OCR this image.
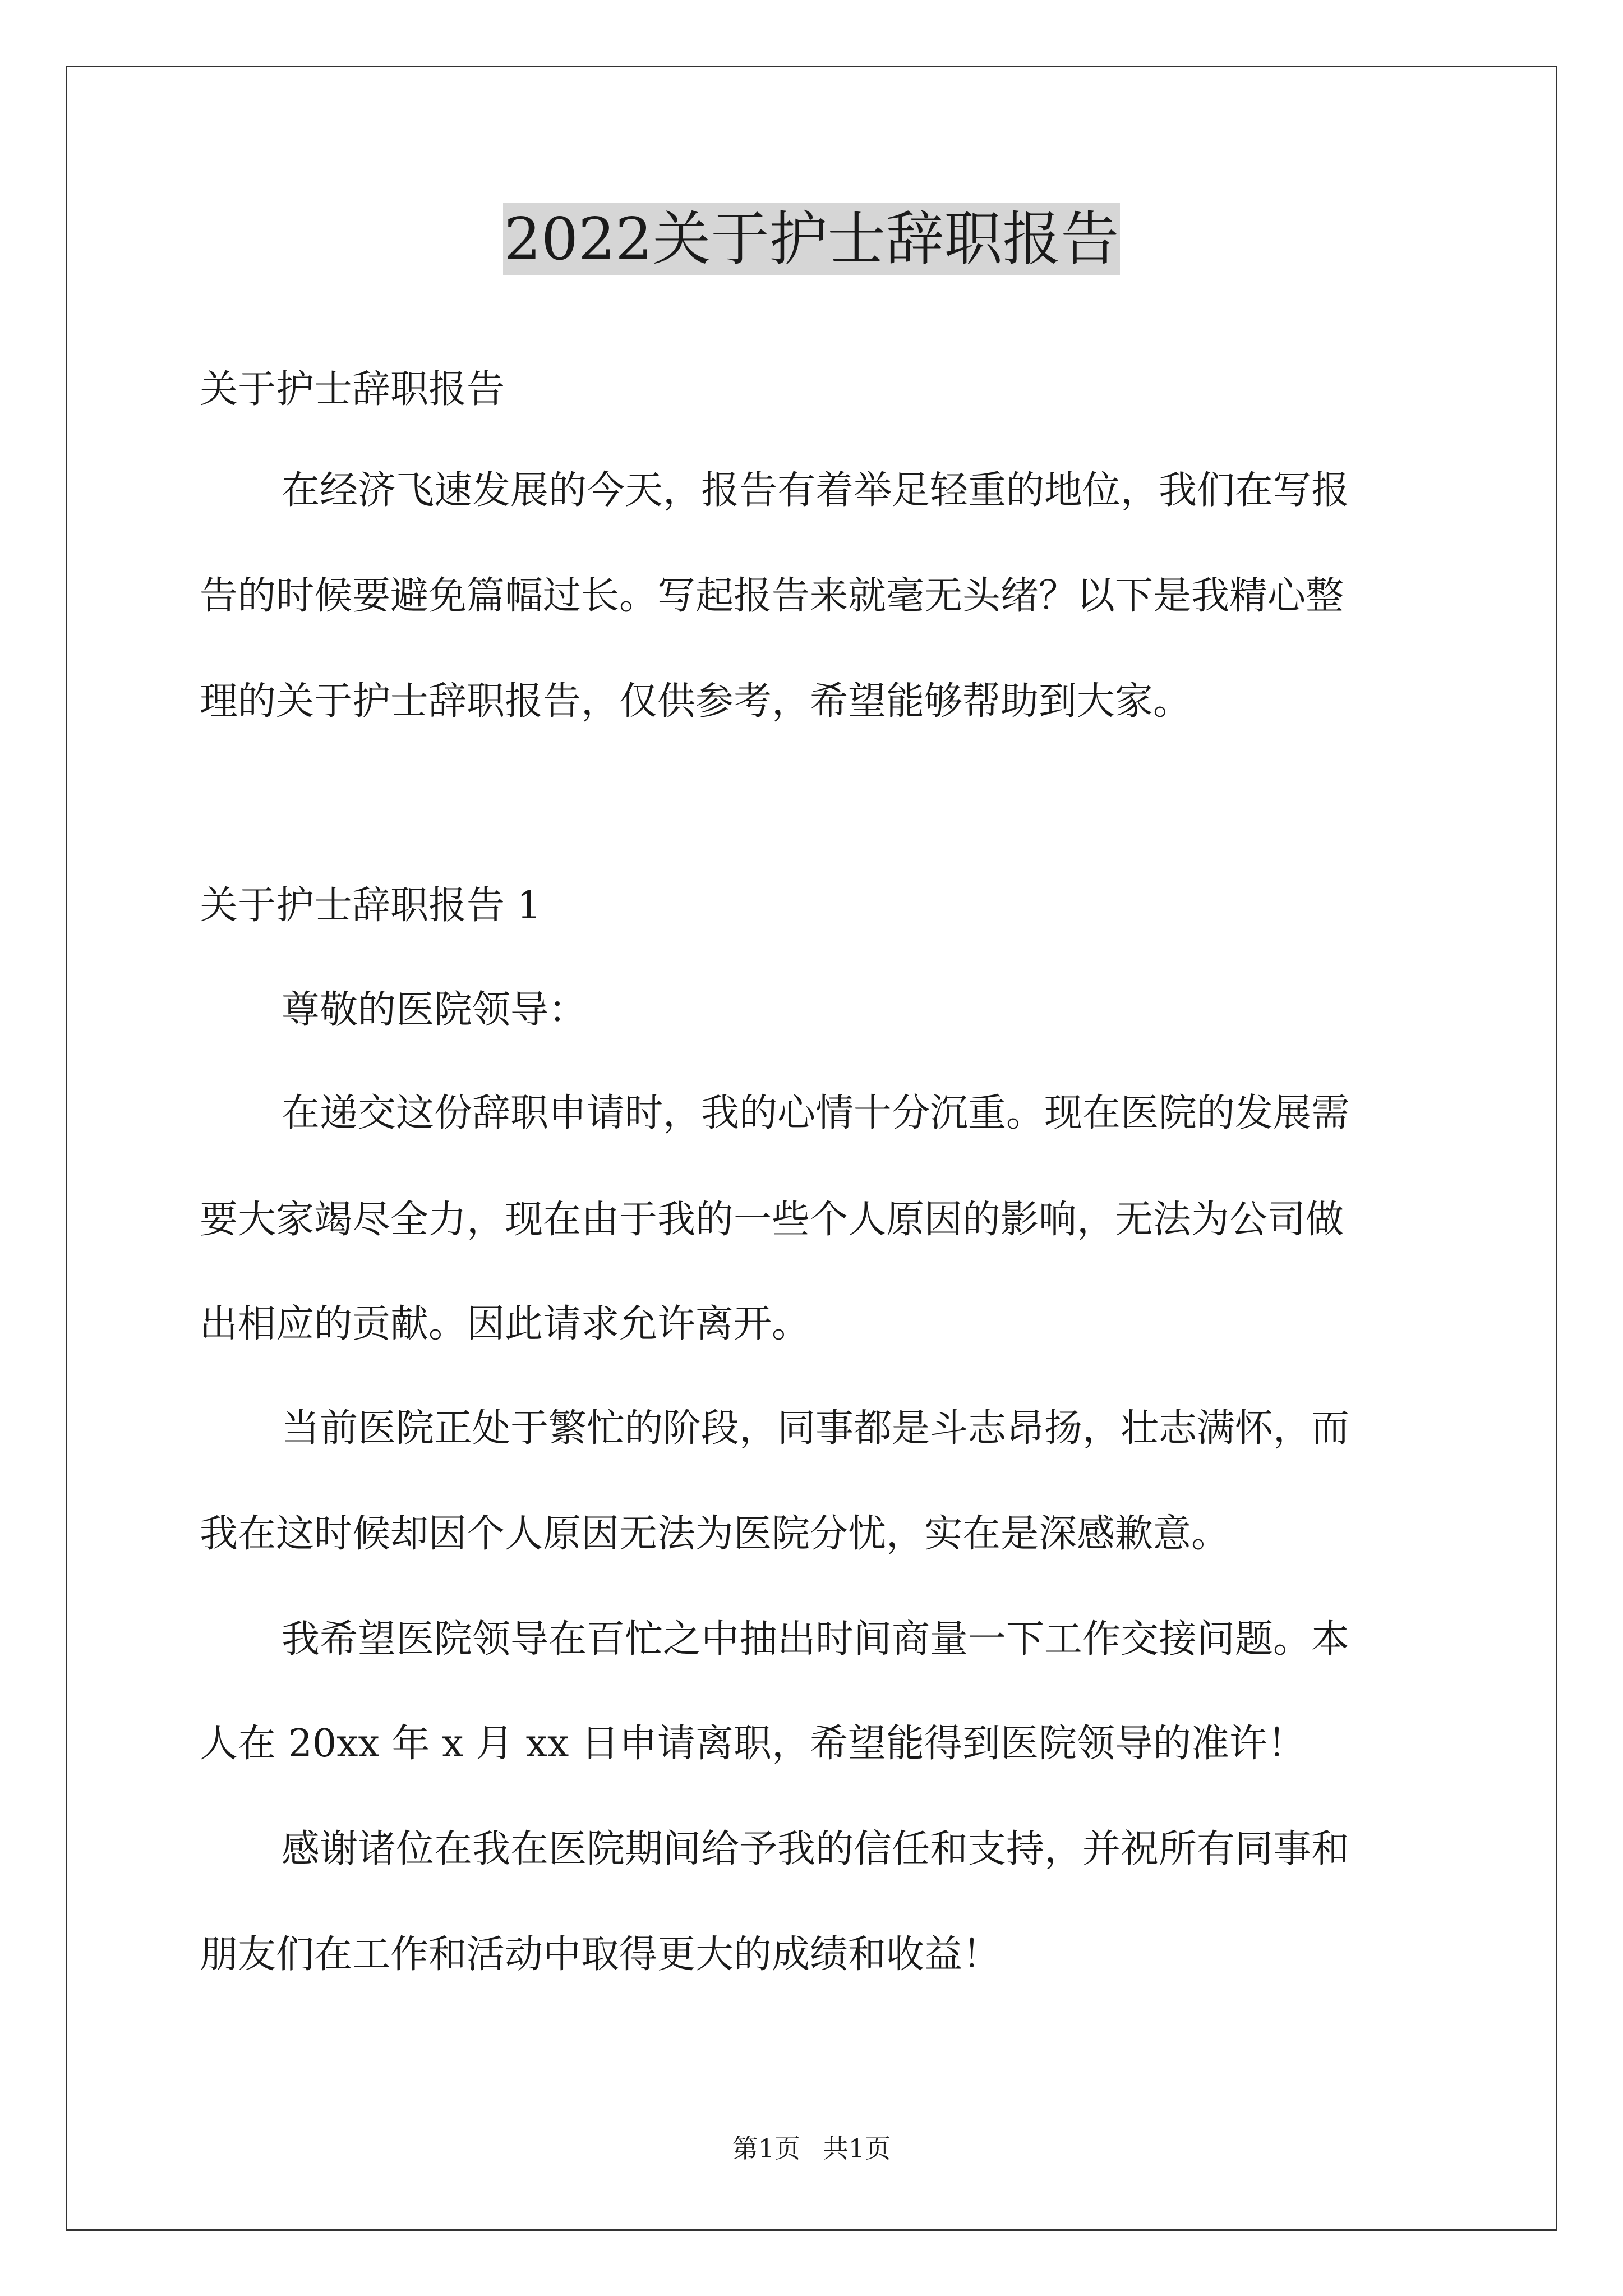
2022关于护士辞职报告

关于护士辞职报告

在经济飞速发展的今天，报告有着举足轻重的地位，我们在写报

告的时候要避免篇幅过长。写起报告来就毫无头绪？以下是我精心整

理的关于护士辞职报告，仅供参考，希望能够帮助到大家。

关于护士辞职报告 1

尊敬的医院领导：

在递交这份辞职申请时，我的心情十分沉重。现在医院的发展需

要大家竭尽全力，现在由于我的一些个人原因的影响，无法为公司做

出相应的贡献。因此请求允许离开。

当前医院正处于繁忙的阶段，同事都是斗志昂扬，壮志满怀，而

我在这时候却因个人原因无法为医院分忧，实在是深感歉意。

我希望医院领导在百忙之中抽出时间商量一下工作交接问题。本

人在 20xx 年 x 月 xx 日申请离职，希望能得到医院领导的准许！

感谢诸位在我在医院期间给予我的信任和支持，并祝所有同事和

朋友们在工作和活动中取得更大的成绩和收益！

第1页 共1页
